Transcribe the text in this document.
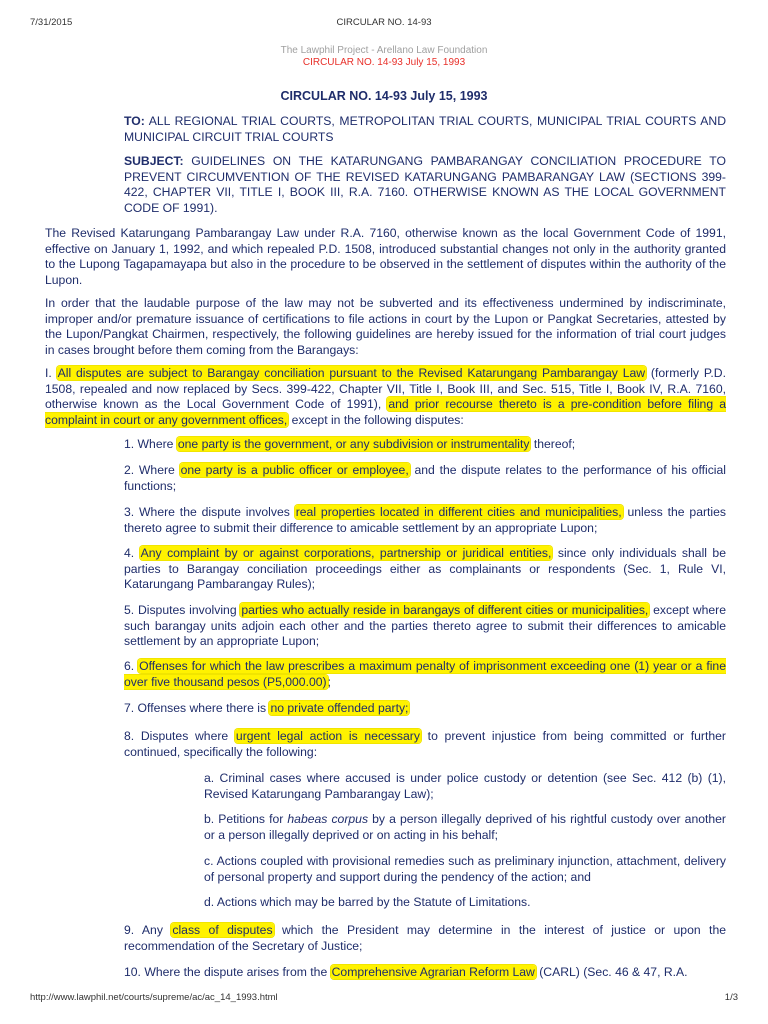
7/31/2015	CIRCULAR NO. 14-93
The Lawphil Project - Arellano Law Foundation
CIRCULAR NO. 14-93 July 15, 1993
CIRCULAR NO. 14-93 July 15, 1993
TO: ALL REGIONAL TRIAL COURTS, METROPOLITAN TRIAL COURTS, MUNICIPAL TRIAL COURTS AND MUNICIPAL CIRCUIT TRIAL COURTS
SUBJECT: GUIDELINES ON THE KATARUNGANG PAMBARANGAY CONCILIATION PROCEDURE TO PREVENT CIRCUMVENTION OF THE REVISED KATARUNGANG PAMBARANGAY LAW (SECTIONS 399-422, CHAPTER VII, TITLE I, BOOK III, R.A. 7160. OTHERWISE KNOWN AS THE LOCAL GOVERNMENT CODE OF 1991).
The Revised Katarungang Pambarangay Law under R.A. 7160, otherwise known as the local Government Code of 1991, effective on January 1, 1992, and which repealed P.D. 1508, introduced substantial changes not only in the authority granted to the Lupong Tagapamayapa but also in the procedure to be observed in the settlement of disputes within the authority of the Lupon.
In order that the laudable purpose of the law may not be subverted and its effectiveness undermined by indiscriminate, improper and/or premature issuance of certifications to file actions in court by the Lupon or Pangkat Secretaries, attested by the Lupon/Pangkat Chairmen, respectively, the following guidelines are hereby issued for the information of trial court judges in cases brought before them coming from the Barangays:
I. All disputes are subject to Barangay conciliation pursuant to the Revised Katarungang Pambarangay Law (formerly P.D. 1508, repealed and now replaced by Secs. 399-422, Chapter VII, Title I, Book III, and Sec. 515, Title I, Book IV, R.A. 7160, otherwise known as the Local Government Code of 1991), and prior recourse thereto is a pre-condition before filing a complaint in court or any government offices, except in the following disputes:
1. Where one party is the government, or any subdivision or instrumentality thereof;
2. Where one party is a public officer or employee, and the dispute relates to the performance of his official functions;
3. Where the dispute involves real properties located in different cities and municipalities, unless the parties thereto agree to submit their difference to amicable settlement by an appropriate Lupon;
4. Any complaint by or against corporations, partnership or juridical entities, since only individuals shall be parties to Barangay conciliation proceedings either as complainants or respondents (Sec. 1, Rule VI, Katarungang Pambarangay Rules);
5. Disputes involving parties who actually reside in barangays of different cities or municipalities, except where such barangay units adjoin each other and the parties thereto agree to submit their differences to amicable settlement by an appropriate Lupon;
6. Offenses for which the law prescribes a maximum penalty of imprisonment exceeding one (1) year or a fine over five thousand pesos (P5,000.00);
7. Offenses where there is no private offended party;
8. Disputes where urgent legal action is necessary to prevent injustice from being committed or further continued, specifically the following:
a. Criminal cases where accused is under police custody or detention (see Sec. 412 (b) (1), Revised Katarungang Pambarangay Law);
b. Petitions for habeas corpus by a person illegally deprived of his rightful custody over another or a person illegally deprived or on acting in his behalf;
c. Actions coupled with provisional remedies such as preliminary injunction, attachment, delivery of personal property and support during the pendency of the action; and
d. Actions which may be barred by the Statute of Limitations.
9. Any class of disputes which the President may determine in the interest of justice or upon the recommendation of the Secretary of Justice;
10. Where the dispute arises from the Comprehensive Agrarian Reform Law (CARL) (Sec. 46 & 47, R.A.
http://www.lawphil.net/courts/supreme/ac/ac_14_1993.html	1/3
